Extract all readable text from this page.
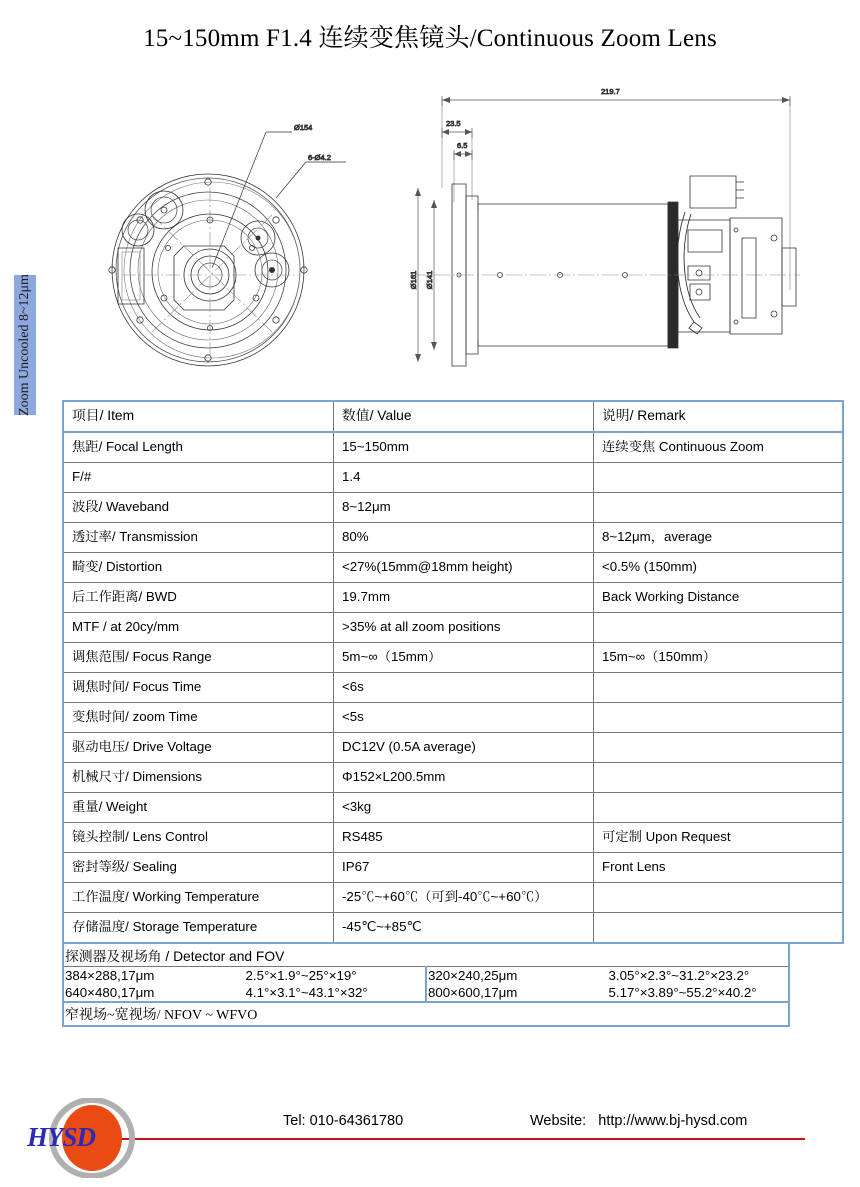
15~150mm F1.4 连续变焦镜头/Continuous Zoom Lens
Zoom Uncooled 8~12μm
Ø154
6-Ø4.2
219.7
23.5
6.5
Ø161 Ø141
项目/ Item	数值/ Value	说明/ Remark
焦距/ Focal Length	15~150mm	连续变焦 Continuous Zoom
F/#	1.4	
波段/ Waveband	8~12μm	
透过率/ Transmission	80%	8~12μm，average
畸变/ Distortion	<27%(15mm@18mm height)	<0.5% (150mm)
后工作距离/ BWD	19.7mm	Back Working Distance
MTF / at 20cy/mm	>35% at all zoom positions	
调焦范围/ Focus Range	5m~∞（15mm）	15m~∞（150mm）
调焦时间/ Focus Time	<6s	
变焦时间/ zoom Time	<5s	
驱动电压/ Drive Voltage	DC12V (0.5A average)	
机械尺寸/ Dimensions	Φ152×L200.5mm	
重量/ Weight	<3kg	
镜头控制/ Lens Control	RS485	可定制 Upon Request
密封等级/ Sealing	IP67	Front Lens
工作温度/ Working Temperature	-25℃~+60℃（可到-40℃~+60℃）	
存储温度/ Storage Temperature	-45℃~+85℃	
探测器及视场角 / Detector and FOV			
384×288,17μm	2.5°×1.9°~25°×19°	320×240,25μm	3.05°×2.3°~31.2°×23.2°
640×480,17μm	4.1°×3.1°~43.1°×32°	800×600,17μm	5.17°×3.89°~55.2°×40.2°
窄视场~宽视场/ NFOV ~ WFVO			
Tel: 010-64361780	Website: http://www.bj-hysd.com
HYSD
